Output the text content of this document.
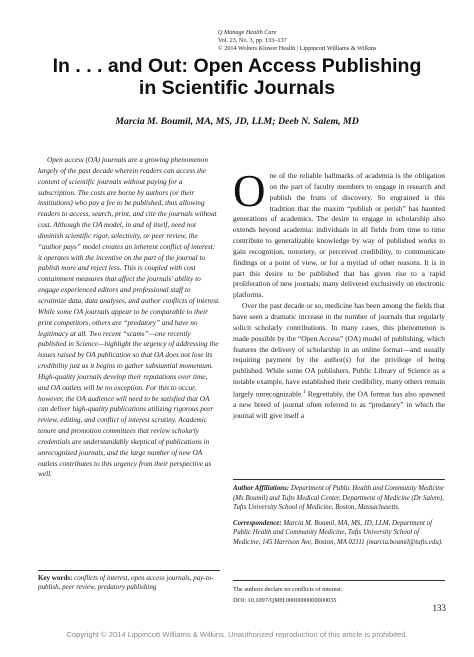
Q Manage Health Care
Vol. 23, No. 3, pp. 133–137
© 2014 Wolters Kluwer Health | Lippincott Williams & Wilkins
In . . . and Out: Open Access Publishing
in Scientific Journals
Marcia M. Boumil, MA, MS, JD, LLM; Deeb N. Salem, MD
Open access (OA) journals are a growing phenomenon largely of the past decade wherein readers can access the content of scientific journals without paying for a subscription. The costs are borne by authors (or their institutions) who pay a fee to be published, thus allowing readers to access, search, print, and cite the journals without cost. Although the OA model, in and of itself, need not diminish scientific rigor, selectivity, or peer review, the “author pays” model creates an inherent conflict of interest: it operates with the incentive on the part of the journal to publish more and reject less. This is coupled with cost containment measures that affect the journals' ability to engage experienced editors and professional staff to scrutinize data, data analyses, and author conflicts of interest. While some OA journals appear to be comparable to their print competitors, others are “predatory” and have no legitimacy at all. Two recent “scams”—one recently published in Science—highlight the urgency of addressing the issues raised by OA publication so that OA does not lose its credibility just as it begins to gather substantial momentum. High-quality journals develop their reputations over time, and OA outlets will be no exception. For this to occur, however, the OA audience will need to be satisfied that OA can deliver high-quality publications utilizing rigorous peer review, editing, and conflict of interest scrutiny. Academic tenure and promotion committees that review scholarly credentials are understandably skeptical of publications in unrecognized journals, and the large number of new OA outlets contributes to this urgency from their perspective as well.
Key words: conflicts of interest, open access journals, pay-to-publish, peer review, predatory publishing

One of the reliable hallmarks of academia is the obligation on the part of faculty members to engage in research and publish the fruits of discovery. So engrained is this tradition that the maxim “publish or perish” has haunted generations of academics. The desire to engage in scholarship also extends beyond academia: individuals in all fields from time to time contribute to generalizable knowledge by way of published works to gain recognition, notoriety, or perceived credibility, to communicate findings or a point of view, or for a myriad of other reasons. It is in part this desire to be published that has given rise to a rapid proliferation of new journals; many delivered exclusively on electronic platforms.

Over the past decade or so, medicine has been among the fields that have seen a dramatic increase in the number of journals that regularly solicit scholarly contributions. In many cases, this phenomenon is made possible by the “Open Access” (OA) model of publishing, which features the delivery of scholarship in an online format—and usually requiring payment by the author(s) for the privilege of being published. While some OA publishers, Public Library of Science as a notable example, have established their credibility, many others remain largely unrecognizable.$^1$ Regrettably, the OA format has also spawned a new breed of journal often referred to as “predatory” in which the journal will give itself a

Author Affiliations: Department of Public Health and Community Medicine (Ms Boumil) and Tufts Medical Center, Department of Medicine (Dr Salem), Tufts University School of Medicine, Boston, Massachusetts.

Correspondence: Marcia M. Boumil, MA, MS, JD, LLM, Department of Public Health and Community Medicine, Tufts University School of Medicine, 145 Harrison Ave, Boston, MA 02111 (marcia.boumil@tufts.edu).

The authors declare no conflicts of interest.
DOI: 10.1097/QMH.0000000000000035
133
Copyright © 2014 Lippincott Williams & Wilkins. Unauthorized reproduction of this article is prohibited.
